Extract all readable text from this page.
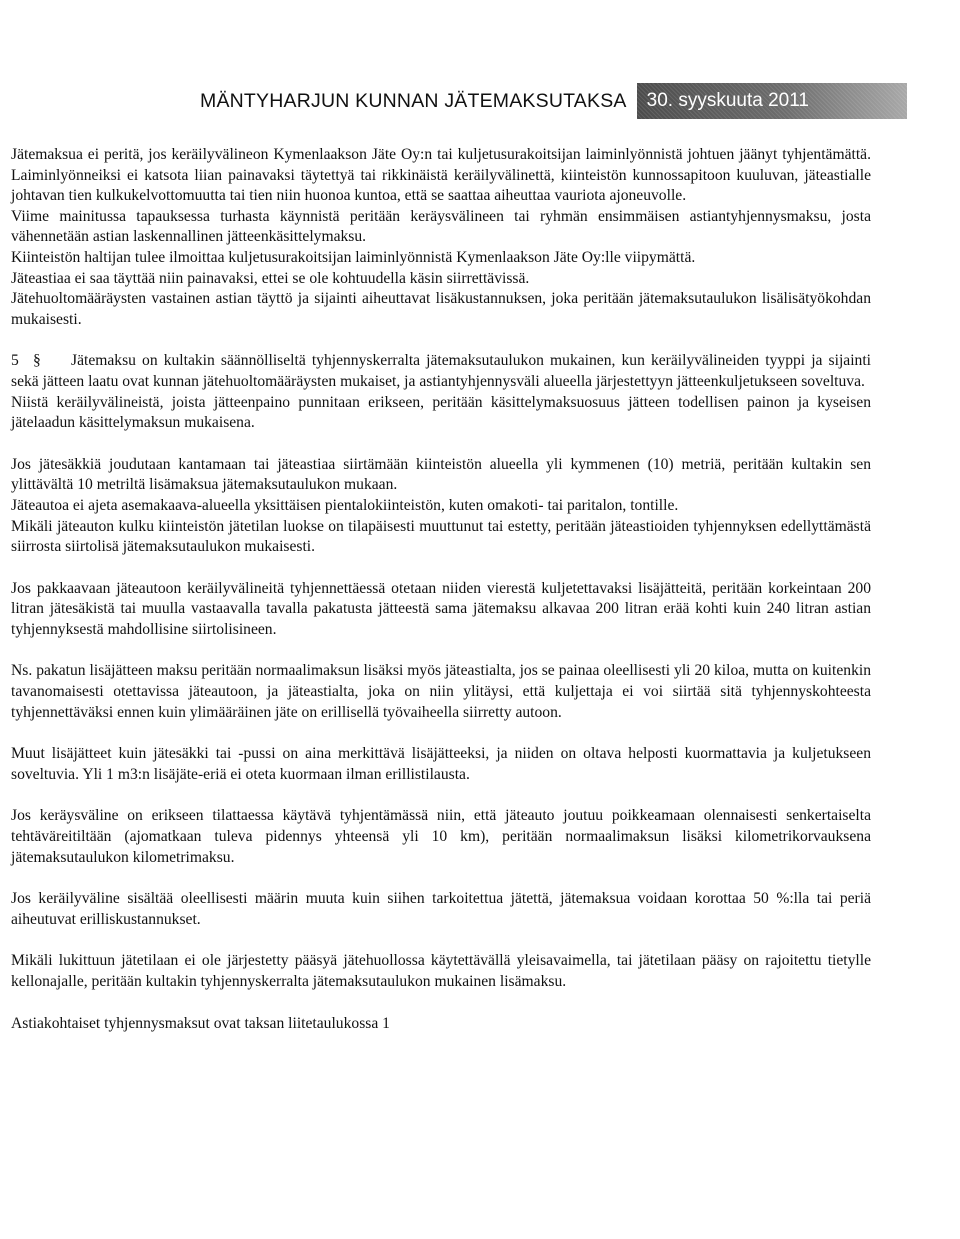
MÄNTYHARJUN KUNNAN JÄTEMAKSUTAKSA	30. syyskuuta 2011

Jätemaksua ei peritä, jos keräilyvälineon Kymenlaakson Jäte Oy:n tai kuljetusurakoitsijan laiminlyönnistä johtuen jäänyt tyhjentämättä. Laiminlyönneiksi ei katsota liian painavaksi täytettyä tai rikkinäistä keräilyvälinettä, kiinteistön kunnossapitoon kuuluvan, jäteastialle johtavan tien kulkukelvottomuutta tai tien niin huonoa kuntoa, että se saattaa aiheuttaa vauriota ajoneuvolle.

Viime mainitussa tapauksessa turhasta käynnistä peritään keräysvälineen tai ryhmän ensimmäisen astiantyhjennysmaksu, josta vähennetään astian laskennallinen jätteenkäsittelymaksu.

Kiinteistön haltijan tulee ilmoittaa kuljetusurakoitsijan laiminlyönnistä Kymenlaakson Jäte Oy:lle viipymättä.

Jäteastiaa ei saa täyttää niin painavaksi, ettei se ole kohtuudella käsin siirrettävissä.

Jätehuoltomääräysten vastainen astian täyttö ja sijainti aiheuttavat lisäkustannuksen, joka peritään jätemaksutaulukon lisälisätyökohdan mukaisesti.

5 § Jätemaksu on kultakin säännölliseltä tyhjennyskerralta jätemaksutaulukon mukainen, kun keräilyvälineiden tyyppi ja sijainti sekä jätteen laatu ovat kunnan jätehuoltomääräysten mukaiset, ja astiantyhjennysväli alueella järjestettyyn jätteenkuljetukseen soveltuva.

Niistä keräilyvälineistä, joista jätteenpaino punnitaan erikseen, peritään käsittelymaksuosuus jätteen todellisen painon ja kyseisen jätelaadun käsittelymaksun mukaisena.

Jos jätesäkkiä joudutaan kantamaan tai jäteastiaa siirtämään kiinteistön alueella yli kymmenen (10) metriä, peritään kultakin sen ylittävältä 10 metriltä lisämaksua jätemaksutaulukon mukaan.

Jäteautoa ei ajeta asemakaava-alueella yksittäisen pientalokiinteistön, kuten omakoti- tai paritalon, tontille.

Mikäli jäteauton kulku kiinteistön jätetilan luokse on tilapäisesti muuttunut tai estetty, peritään jäteastioiden tyhjennyksen edellyttämästä siirrosta siirtolisä jätemaksutaulukon mukaisesti.

Jos pakkaavaan jäteautoon keräilyvälineitä tyhjennettäessä otetaan niiden vierestä kuljetettavaksi lisäjätteitä, peritään korkeintaan 200 litran jätesäkistä tai muulla vastaavalla tavalla pakatusta jätteestä sama jätemaksu alkavaa 200 litran erää kohti kuin 240 litran astian tyhjennyksestä mahdollisine siirtolisineen.

Ns. pakatun lisäjätteen maksu peritään normaalimaksun lisäksi myös jäteastialta, jos se painaa oleellisesti yli 20 kiloa, mutta on kuitenkin tavanomaisesti otettavissa jäteautoon, ja jäteastialta, joka on niin ylitäysi, että kuljettaja ei voi siirtää sitä tyhjennyskohteesta tyhjennettäväksi ennen kuin ylimääräinen jäte on erillisellä työvaiheella siirretty autoon.

Muut lisäjätteet kuin jätesäkki tai -pussi on aina merkittävä lisäjätteeksi, ja niiden on oltava helposti kuormattavia ja kuljetukseen soveltuvia. Yli 1 m3:n lisäjäte-eriä ei oteta kuormaan ilman erillistilausta.

Jos keräysväline on erikseen tilattaessa käytävä tyhjentämässä niin, että jäteauto joutuu poikkeamaan olennaisesti senkertaiselta tehtäväreitiltään (ajomatkaan tuleva pidennys yhteensä yli 10 km), peritään normaalimaksun lisäksi kilometrikorvauksena jätemaksutaulukon kilometrimaksu.

Jos keräilyväline sisältää oleellisesti määrin muuta kuin siihen tarkoitettua jätettä, jätemaksua voidaan korottaa 50 %:lla tai periä aiheutuvat erilliskustannukset.

Mikäli lukittuun jätetilaan ei ole järjestetty pääsyä jätehuollossa käytettävällä yleisavaimella, tai jätetilaan pääsy on rajoitettu tietylle kellonajalle, peritään kultakin tyhjennyskerralta jätemaksutaulukon mukainen lisämaksu.

Astiakohtaiset tyhjennysmaksut ovat taksan liitetaulukossa 1
